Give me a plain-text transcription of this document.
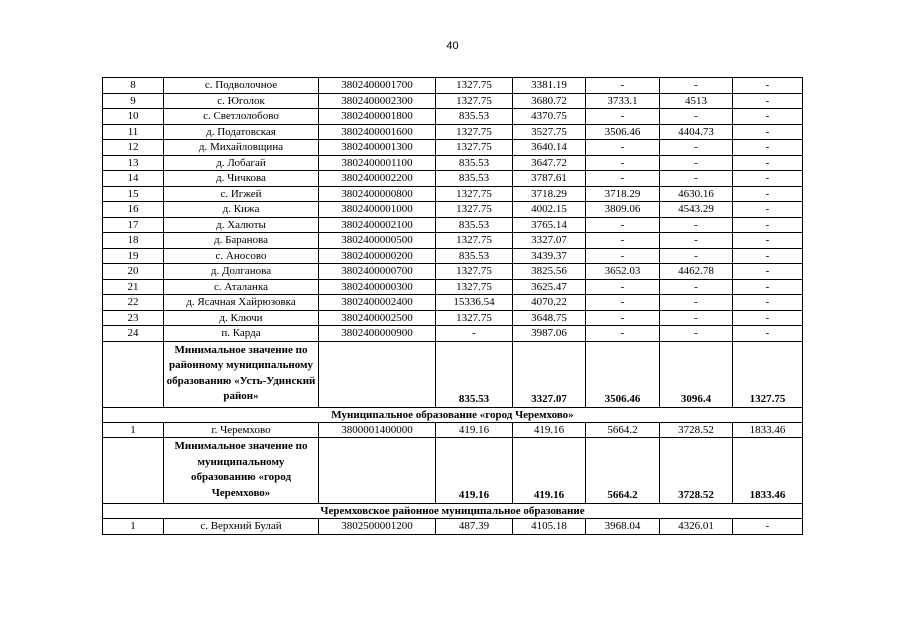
40
8	с. Подволочное	3802400001700	1327.75	3381.19	-	-	-
9	с. Юголок	3802400002300	1327.75	3680.72	3733.1	4513	-
10	с. Светлолобово	3802400001800	835.53	4370.75	-	-	-
11	д. Податовская	3802400001600	1327.75	3527.75	3506.46	4404.73	-
12	д. Михайловщина	3802400001300	1327.75	3640.14	-	-	-
13	д. Лобагай	3802400001100	835.53	3647.72	-	-	-
14	д. Чичкова	3802400002200	835.53	3787.61	-	-	-
15	с. Игжей	3802400000800	1327.75	3718.29	3718.29	4630.16	-
16	д. Кижа	3802400001000	1327.75	4002.15	3809.06	4543.29	-
17	д. Халюты	3802400002100	835.53	3765.14	-	-	-
18	д. Баранова	3802400000500	1327.75	3327.07	-	-	-
19	с. Аносово	3802400000200	835.53	3439.37	-	-	-
20	д. Долганова	3802400000700	1327.75	3825.56	3652.03	4462.78	-
21	с. Аталанка	3802400000300	1327.75	3625.47	-	-	-
22	д. Ясачная Хайрюзовка	3802400002400	15336.54	4070.22	-	-	-
23	д. Ключи	3802400002500	1327.75	3648.75	-	-	-
24	п. Карда	3802400000900	-	3987.06	-	-	-
	Минимальное значение по районному муниципальному образованию «Усть-Удинский район»		835.53	3327.07	3506.46	3096.4	1327.75
Муниципальное образование «город Черемхово»							
1	г. Черемхово	3800001400000	419.16	419.16	5664.2	3728.52	1833.46
	Минимальное значение по муниципальному образованию «город Черемхово»		419.16	419.16	5664.2	3728.52	1833.46
Черемховское районное муниципальное образование							
1	с. Верхний Булай	3802500001200	487.39	4105.18	3968.04	4326.01	-
